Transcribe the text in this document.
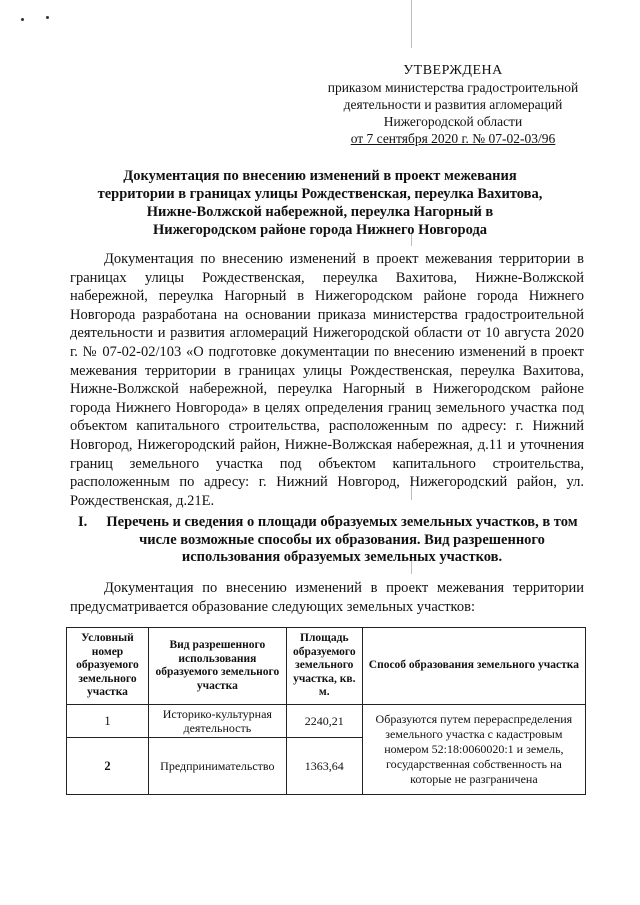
УТВЕРЖДЕНА
приказом министерства градостроительной
деятельности и развития агломераций
Нижегородской области
от 7 сентября 2020 г. № 07-02-03/96
Документация по внесению изменений в проект межевания
территории в границах улицы Рождественская, переулка Вахитова,
Нижне-Волжской набережной, переулка Нагорный в
Нижегородском районе города Нижнего Новгорода

Документация по внесению изменений в проект межевания территории в границах улицы Рождественская, переулка Вахитова, Нижне-Волжской набережной, переулка Нагорный в Нижегородском районе города Нижнего Новгорода разработана на основании приказа министерства градостроительной деятельности и развития агломераций Нижегородской области от 10 августа 2020 г. № 07-02-02/103 «О подготовке документации по внесению изменений в проект межевания территории в границах улицы Рождественская, переулка Вахитова, Нижне-Волжской набережной, переулка Нагорный в Нижегородском районе города Нижнего Новгорода» в целях определения границ земельного участка под объектом капитального строительства, расположенным по адресу: г. Нижний Новгород, Нижегородский район, Нижне-Волжская набережная, д.11 и уточнения границ земельного участка под объектом капитального строительства, расположенным по адресу: г. Нижний Новгород, Нижегородский район, ул. Рождественская, д.21Е.

I.	Перечень и сведения о площади образуемых земельных участков, в том числе возможные способы их образования. Вид разрешенного использования образуемых земельных участков.

Документация по внесению изменений в проект межевания территории предусматривается образование следующих земельных участков:

Условный номер образуемого земельного участка	Вид разрешенного использования образуемого земельного участка	Площадь образуемого земельного участка, кв. м.	Способ образования земельного участка
1	Историко-культурная деятельность	2240,21	Образуются путем перераспределения земельного участка с кадастровым номером 52:18:0060020:1 и земель, государственная собственность на которые не разграничена
2	Предпринимательство	1363,64	
